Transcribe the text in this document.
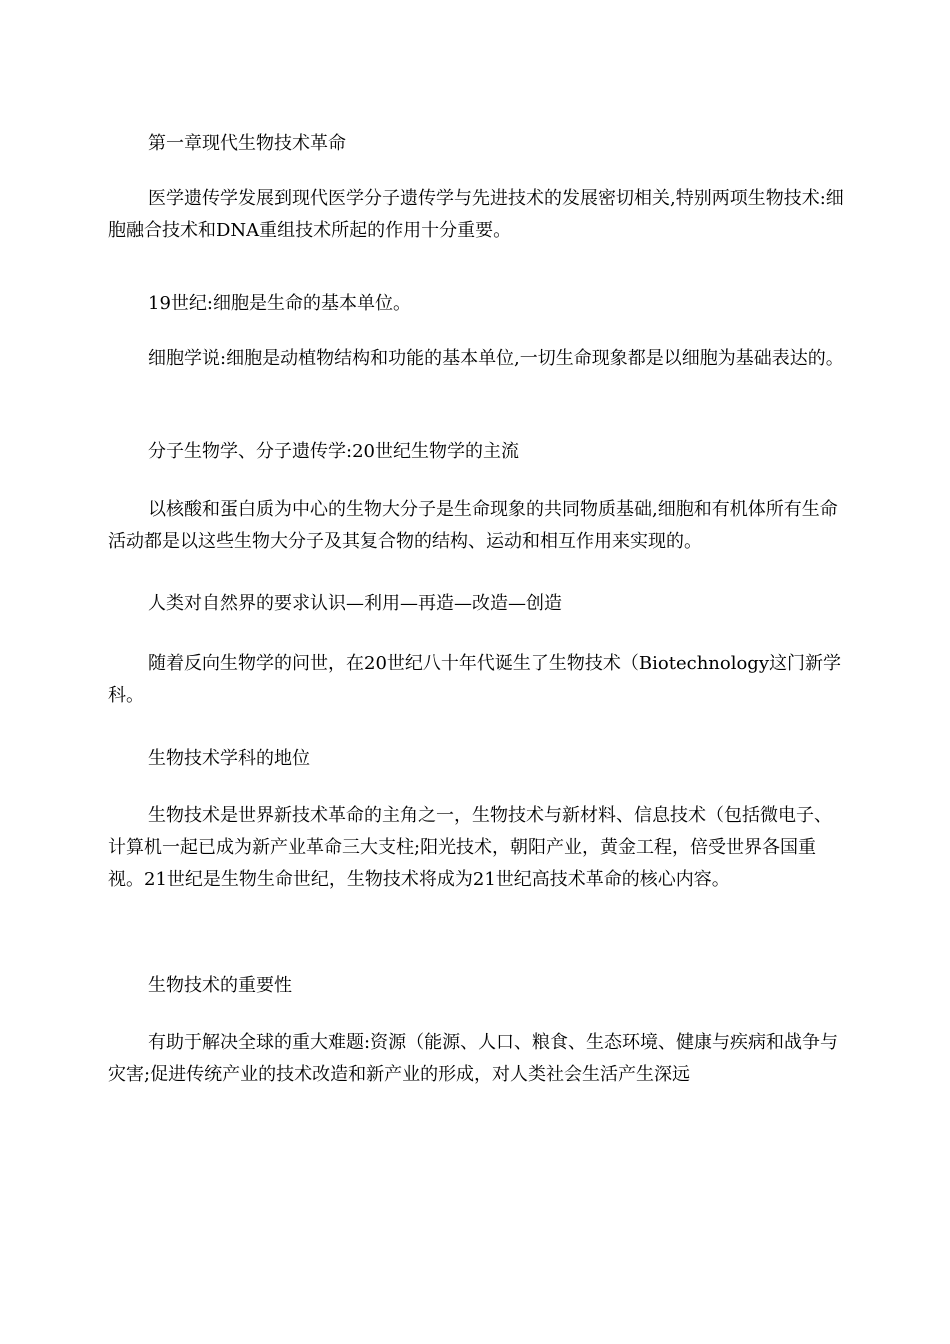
第一章现代生物技术革命

医学遗传学发展到现代医学分子遗传学与先进技术的发展密切相关,特别两项生物技术:细胞融合技术和DNA重组技术所起的作用十分重要。

19世纪:细胞是生命的基本单位。

细胞学说:细胞是动植物结构和功能的基本单位,一切生命现象都是以细胞为基础表达的。

分子生物学、分子遗传学:20世纪生物学的主流

以核酸和蛋白质为中心的生物大分子是生命现象的共同物质基础,细胞和有机体所有生命活动都是以这些生物大分子及其复合物的结构、运动和相互作用来实现的。

人类对自然界的要求认识—利用—再造—改造—创造

随着反向生物学的问世，在20世纪八十年代诞生了生物技术（Biotechnology这门新学科。

生物技术学科的地位

生物技术是世界新技术革命的主角之一，生物技术与新材料、信息技术（包括微电子、计算机一起已成为新产业革命三大支柱;阳光技术，朝阳产业，黄金工程，倍受世界各国重视。21世纪是生物生命世纪，生物技术将成为21世纪高技术革命的核心内容。

生物技术的重要性

有助于解决全球的重大难题:资源（能源、人口、粮食、生态环境、健康与疾病和战争与灾害;促进传统产业的技术改造和新产业的形成，对人类社会生活产生深远
